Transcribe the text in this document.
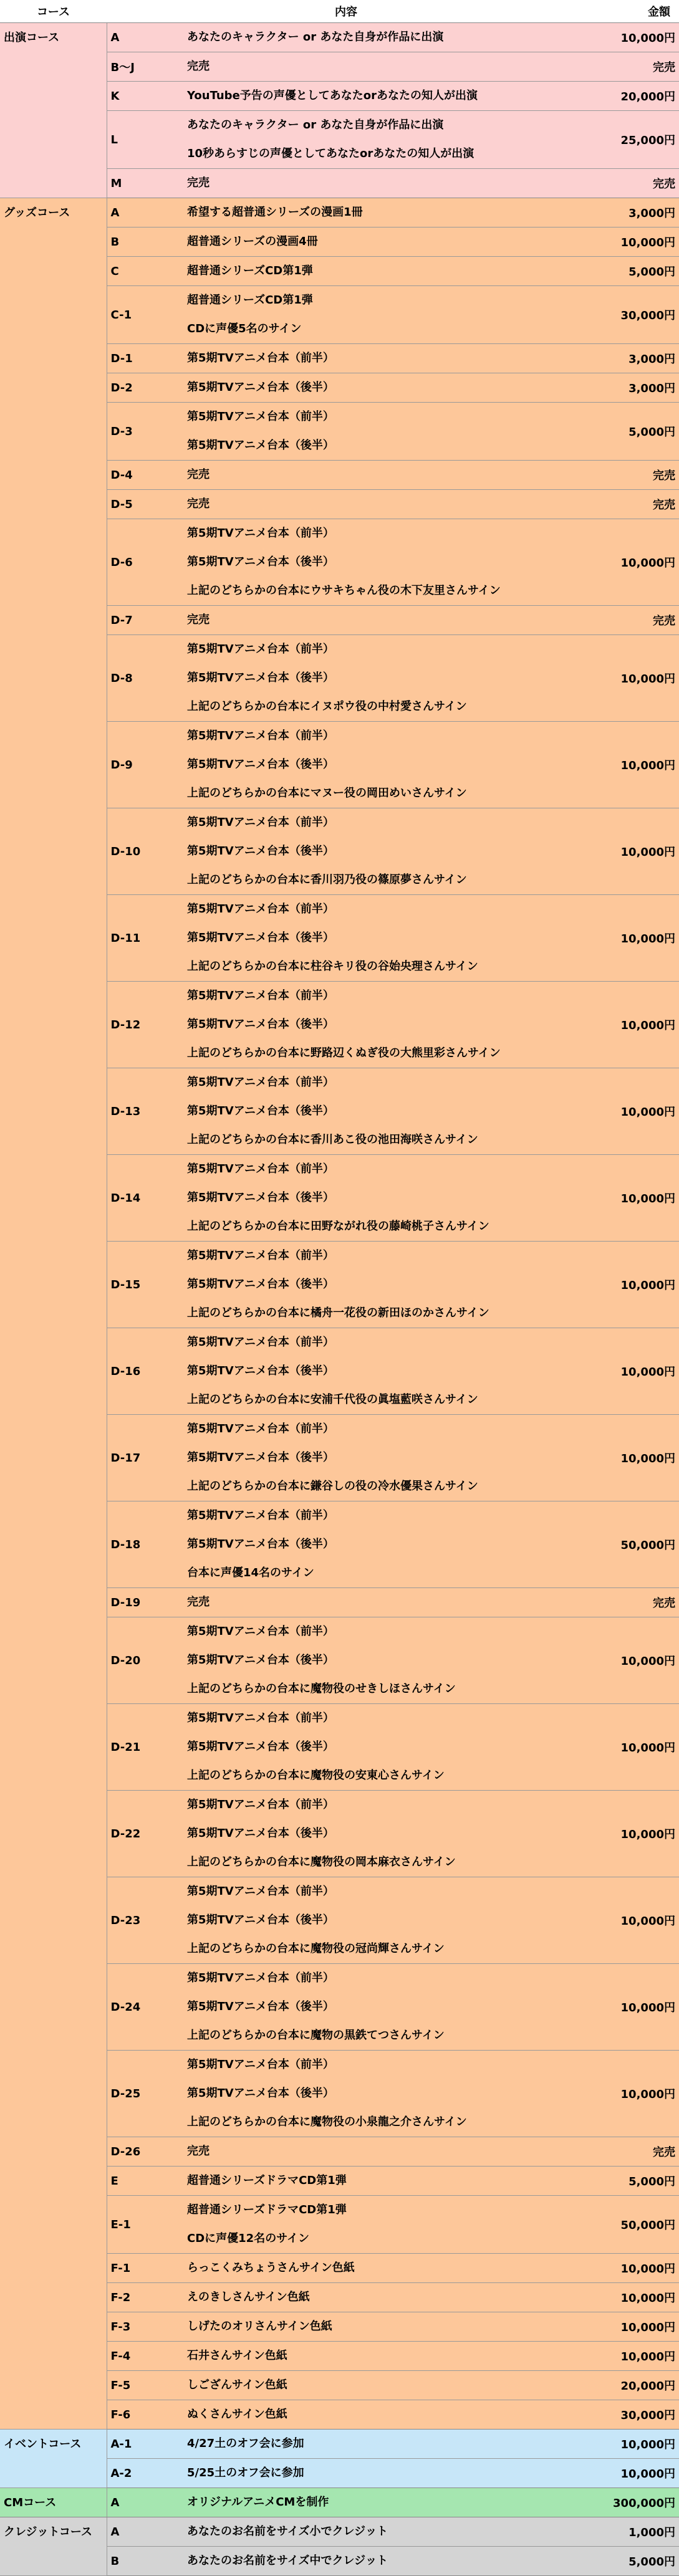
コース	内容		金額
出演コース	A	あなたのキャラクター or あなた自身が作品に出演	10,000円
	B〜J	完売	完売
	K	YouTube予告の声優としてあなたorあなたの知人が出演	20,000円
	L	あなたのキャラクター or あなた自身が作品に出演
10秒あらすじの声優としてあなたorあなたの知人が出演	25,000円
	M	完売	完売
グッズコース	A	希望する超普通シリーズの漫画1冊	3,000円
	B	超普通シリーズの漫画4冊	10,000円
	C	超普通シリーズCD第1弾	5,000円
	C-1	超普通シリーズCD第1弾
CDに声優5名のサイン	30,000円
	D-1	第5期TVアニメ台本（前半）	3,000円
	D-2	第5期TVアニメ台本（後半）	3,000円
	D-3	第5期TVアニメ台本（前半）
第5期TVアニメ台本（後半）	5,000円
	D-4	完売	完売
	D-5	完売	完売
	D-6	第5期TVアニメ台本（前半）
第5期TVアニメ台本（後半）
上記のどちらかの台本にウサキちゃん役の木下友里さんサイン	10,000円
	D-7	完売	完売
	D-8	第5期TVアニメ台本（前半）
第5期TVアニメ台本（後半）
上記のどちらかの台本にイヌポウ役の中村愛さんサイン	10,000円
	D-9	第5期TVアニメ台本（前半）
第5期TVアニメ台本（後半）
上記のどちらかの台本にマヌー役の岡田めいさんサイン	10,000円
	D-10	第5期TVアニメ台本（前半）
第5期TVアニメ台本（後半）
上記のどちらかの台本に香川羽乃役の篠原夢さんサイン	10,000円
	D-11	第5期TVアニメ台本（前半）
第5期TVアニメ台本（後半）
上記のどちらかの台本に柱谷キリ役の谷始央理さんサイン	10,000円
	D-12	第5期TVアニメ台本（前半）
第5期TVアニメ台本（後半）
上記のどちらかの台本に野路辺くぬぎ役の大熊里彩さんサイン	10,000円
	D-13	第5期TVアニメ台本（前半）
第5期TVアニメ台本（後半）
上記のどちらかの台本に香川あこ役の池田海咲さんサイン	10,000円
	D-14	第5期TVアニメ台本（前半）
第5期TVアニメ台本（後半）
上記のどちらかの台本に田野ながれ役の藤崎桃子さんサイン	10,000円
	D-15	第5期TVアニメ台本（前半）
第5期TVアニメ台本（後半）
上記のどちらかの台本に橘舟一花役の新田ほのかさんサイン	10,000円
	D-16	第5期TVアニメ台本（前半）
第5期TVアニメ台本（後半）
上記のどちらかの台本に安浦千代役の眞塩藍咲さんサイン	10,000円
	D-17	第5期TVアニメ台本（前半）
第5期TVアニメ台本（後半）
上記のどちらかの台本に鎌谷しの役の冷水優果さんサイン	10,000円
	D-18	第5期TVアニメ台本（前半）
第5期TVアニメ台本（後半）
台本に声優14名のサイン	50,000円
	D-19	完売	完売
	D-20	第5期TVアニメ台本（前半）
第5期TVアニメ台本（後半）
上記のどちらかの台本に魔物役のせきしほさんサイン	10,000円
	D-21	第5期TVアニメ台本（前半）
第5期TVアニメ台本（後半）
上記のどちらかの台本に魔物役の安東心さんサイン	10,000円
	D-22	第5期TVアニメ台本（前半）
第5期TVアニメ台本（後半）
上記のどちらかの台本に魔物役の岡本麻衣さんサイン	10,000円
	D-23	第5期TVアニメ台本（前半）
第5期TVアニメ台本（後半）
上記のどちらかの台本に魔物役の冠尚輝さんサイン	10,000円
	D-24	第5期TVアニメ台本（前半）
第5期TVアニメ台本（後半）
上記のどちらかの台本に魔物の黒鉄てつさんサイン	10,000円
	D-25	第5期TVアニメ台本（前半）
第5期TVアニメ台本（後半）
上記のどちらかの台本に魔物役の小泉龍之介さんサイン	10,000円
	D-26	完売	完売
	E	超普通シリーズドラマCD第1弾	5,000円
	E-1	超普通シリーズドラマCD第1弾
CDに声優12名のサイン	50,000円
	F-1	らっこくみちょうさんサイン色紙	10,000円
	F-2	えのきしさんサイン色紙	10,000円
	F-3	しげたのオリさんサイン色紙	10,000円
	F-4	石井さんサイン色紙	10,000円
	F-5	しござんサイン色紙	20,000円
	F-6	ぬくさんサイン色紙	30,000円
イベントコース	A-1	4/27土のオフ会に参加	10,000円
	A-2	5/25土のオフ会に参加	10,000円
CMコース	A	オリジナルアニメCMを制作	300,000円
クレジットコース	A	あなたのお名前をサイズ小でクレジット	1,000円
	B	あなたのお名前をサイズ中でクレジット	5,000円
